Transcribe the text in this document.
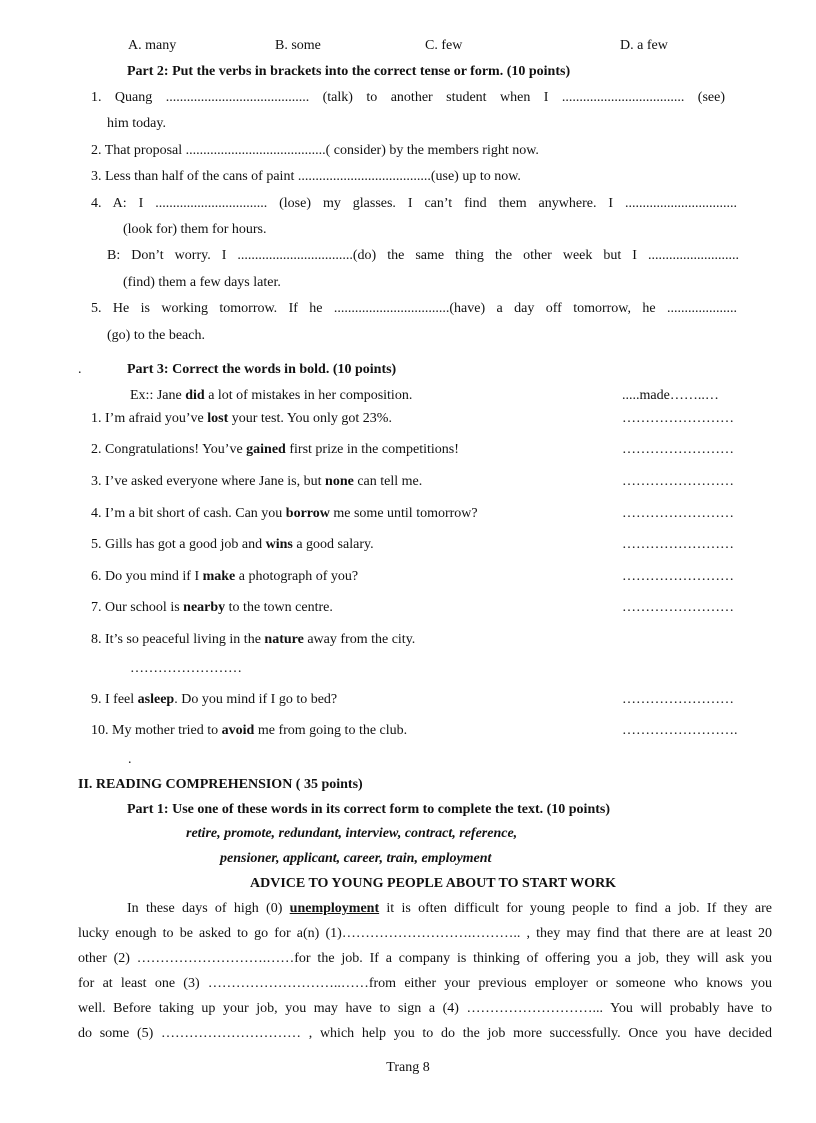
A. many	B. some	C. few	D. a few
Part 2: Put the verbs in brackets into the correct tense or form. (10 points)
1. Quang ......................................... (talk) to another student when I ................................... (see)
him today.
2. That proposal ........................................( consider) by the members right now.
3. Less than half of the cans of paint ......................................(use) up to now.
4. A: I ................................ (lose) my glasses. I can’t find them anywhere. I ................................
(look for) them for hours.
B: Don’t worry. I .................................(do) the same thing the other week but I ..........................
(find) them a few days later.
5. He is working tomorrow. If he .................................(have) a day off tomorrow, he ....................
(go) to the beach.
.	Part 3: Correct the words in bold. (10 points)
Ex:: Jane did a lot of mistakes in her composition.	.....made……..…
1. I’m afraid you’ve lost your test. You only got 23%.	……………………
2. Congratulations! You’ve gained first prize in the competitions!	……………………
3. I’ve asked everyone where Jane is, but none can tell me.	……………………
4. I’m a bit short of cash. Can you borrow me some until tomorrow?	……………………
5. Gills has got a good job and wins a good salary.	……………………
6. Do you mind if I make a photograph of you?	……………………
7. Our school is nearby to the town centre.	……………………
8. It’s so peaceful living in the nature away from the city.
……………………
9. I feel asleep. Do you mind if I go to bed?	……………………
10. My mother tried to avoid me from going to the club.	…………………….
.
II. READING COMPREHENSION ( 35 points)
Part 1: Use one of these words in its correct form to complete the text. (10 points)
retire, promote, redundant, interview, contract, reference,
pensioner, applicant, career, train, employment
ADVICE TO YOUNG PEOPLE ABOUT TO START WORK
In these days of high (0) unemployment it is often difficult for young people to find a job. If they are
lucky enough to be asked to go for a(n) (1)……………………….……….. , they may find that there are at least 20
other (2) ……………………….……for the job. If a company is thinking of offering you a job, they will ask you
for at least one (3) ………………………..……from either your previous employer or someone who knows you
well. Before taking up your job, you may have to sign a (4) ………………………... You will probably have to
do some (5) ………………………… , which help you to do the job more successfully. Once you have decided
Trang 8
